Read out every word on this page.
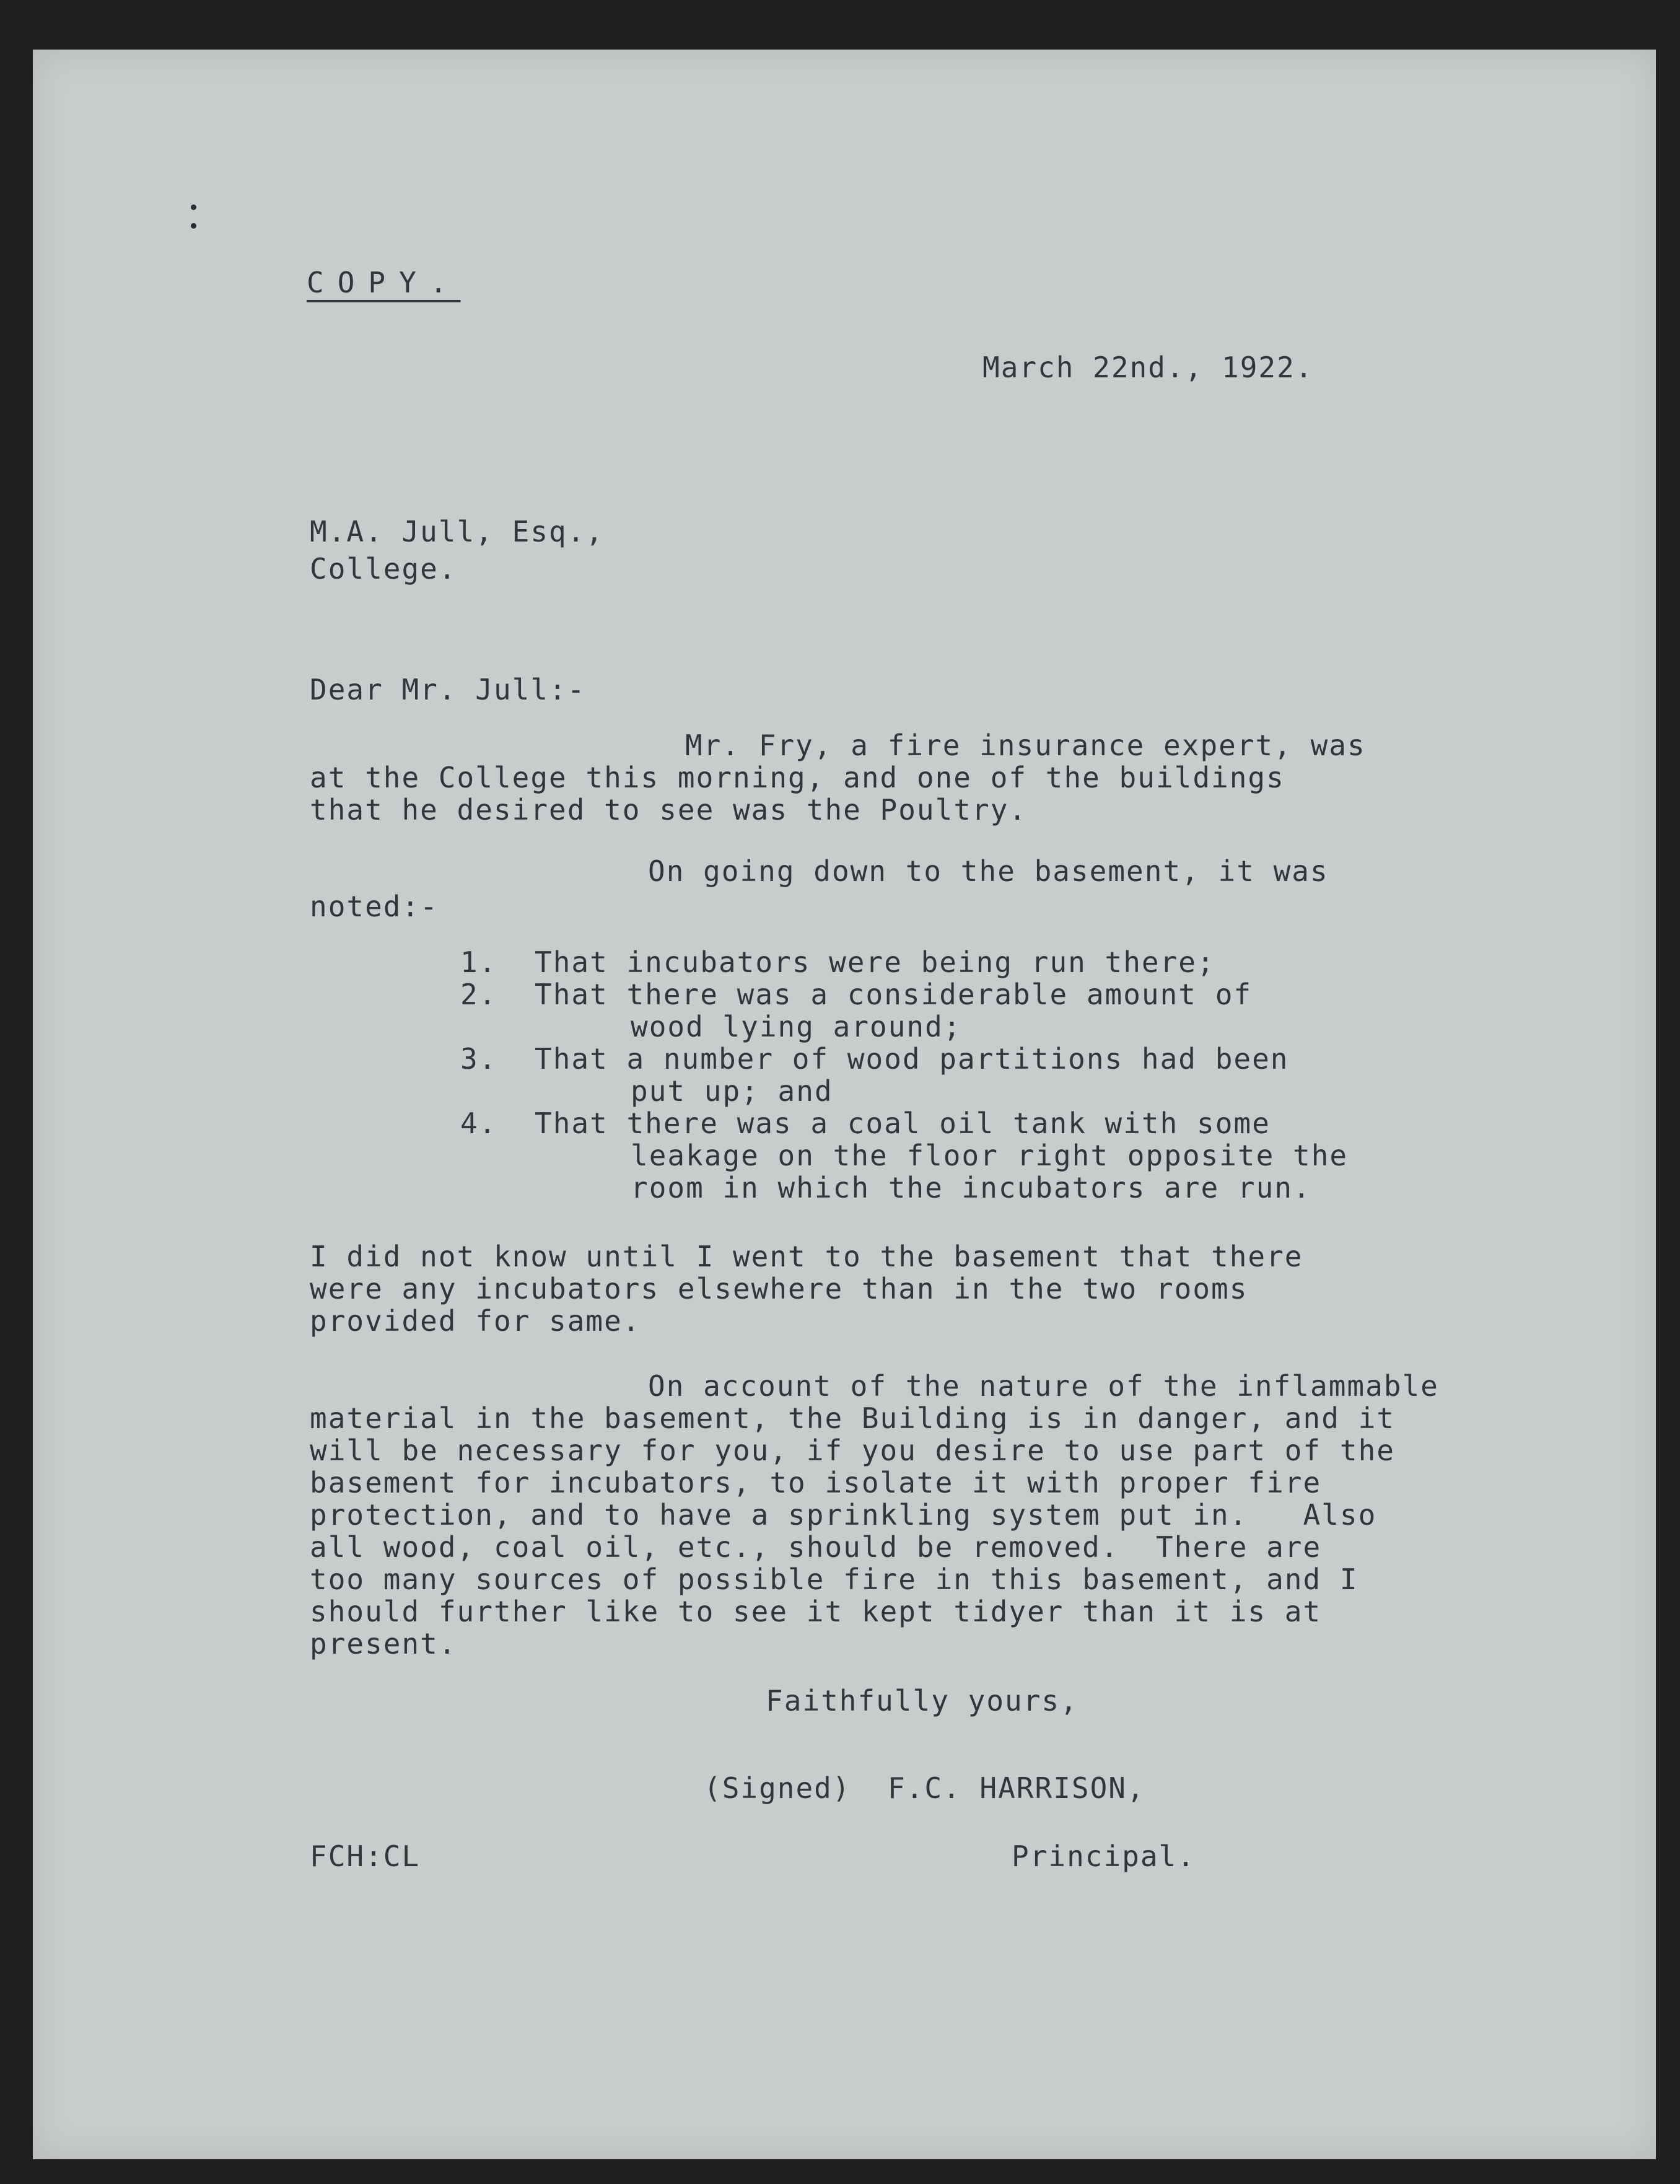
COPY.
March 22nd., 1922.
M.A. Jull, Esq.,
College.
Dear Mr. Jull:-
Mr. Fry, a fire insurance expert, was
at the College this morning, and one of the buildings
that he desired to see was the Poultry.
On going down to the basement, it was
noted:-
1. That incubators were being run there;
2. That there was a considerable amount of
wood lying around;
3. That a number of wood partitions had been
put up; and
4. That there was a coal oil tank with some
leakage on the floor right opposite the
room in which the incubators are run.
I did not know until I went to the basement that there
were any incubators elsewhere than in the two rooms
provided for same.
On account of the nature of the inflammable
material in the basement, the Building is in danger, and it
will be necessary for you, if you desire to use part of the
basement for incubators, to isolate it with proper fire
protection, and to have a sprinkling system put in.   Also
all wood, coal oil, etc., should be removed.  There are
too many sources of possible fire in this basement, and I
should further like to see it kept tidyer than it is at
present.
Faithfully yours,
(Signed)  F.C. HARRISON,
Principal.
FCH:CL
